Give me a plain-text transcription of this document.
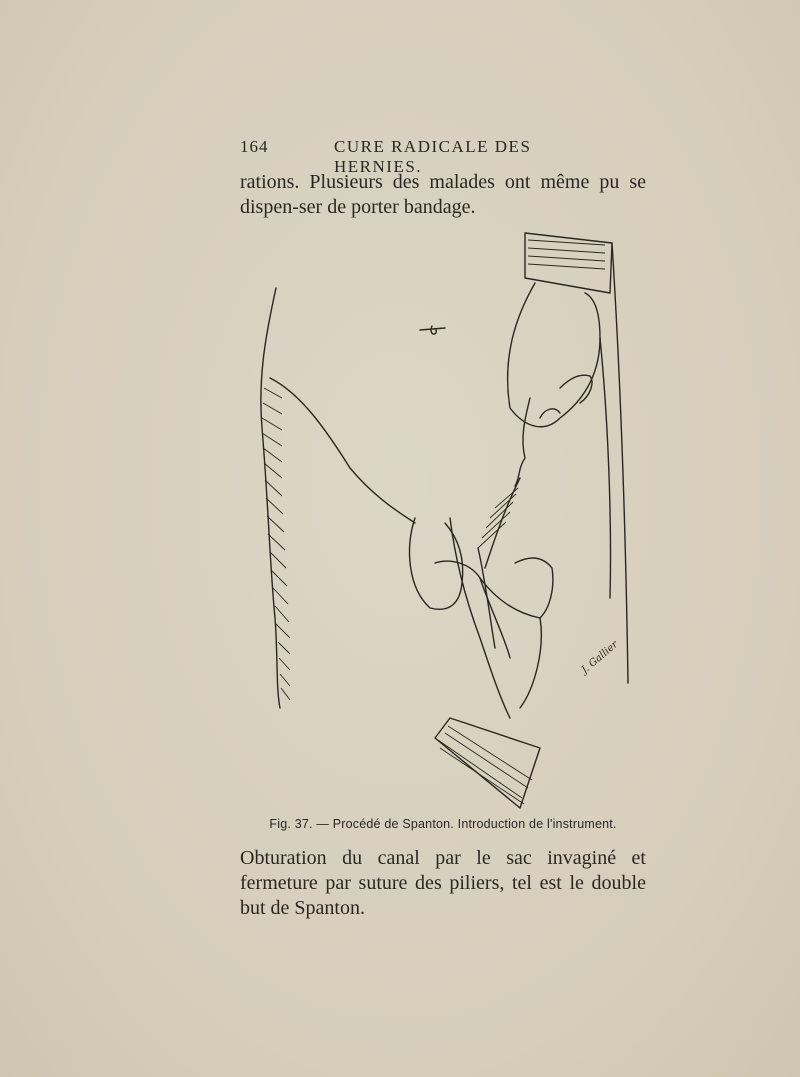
164	CURE RADICALE DES HERNIES.
rations. Plusieurs des malades ont même pu se dispen-ser de porter bandage.
J. Gallier
Fig. 37. — Procédé de Spanton. Introduction de l'instrument.
Obturation du canal par le sac invaginé et fermeture par suture des piliers, tel est le double but de Spanton.
